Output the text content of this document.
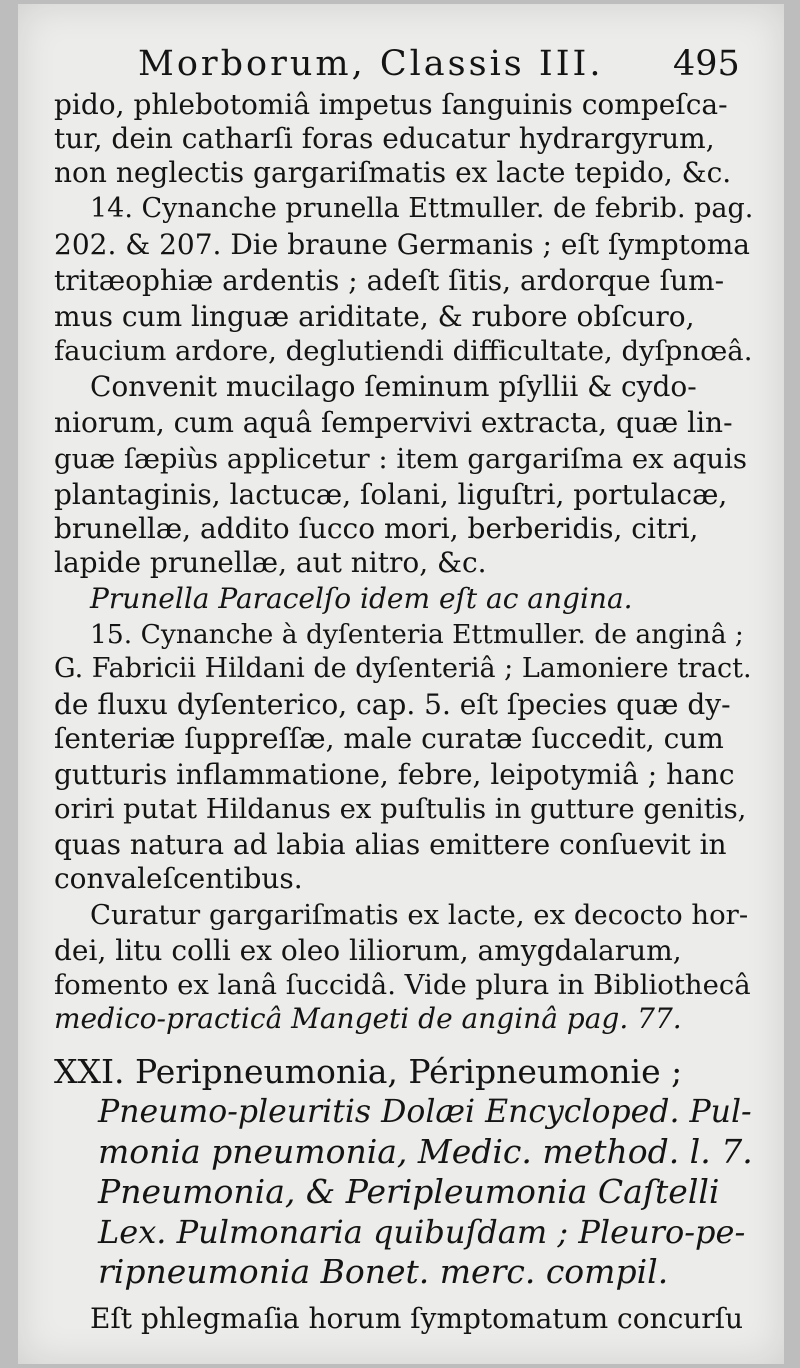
Morborum, Classis III. 495
pido, phlebotomiâ impetus ſanguinis compeſca-
tur, dein catharſi foras educatur hydrargyrum,
non neglectis gargariſmatis ex lacte tepido, &c.
14. Cynanche prunella Ettmuller. de febrib. pag.
202. & 207. Die braune Germanis ; eſt ſymptoma
tritæophiæ ardentis ; adeſt ſitis, ardorque ſum-
mus cum linguæ ariditate, & rubore obſcuro,
faucium ardore, deglutiendi difficultate, dyſpnœâ.
Convenit mucilago ſeminum pſyllii & cydo-
niorum, cum aquâ ſempervivi extracta, quæ lin-
guæ ſæpiùs applicetur : item gargariſma ex aquis
plantaginis, lactucæ, ſolani, liguſtri, portulacæ,
brunellæ, addito ſucco mori, berberidis, citri,
lapide prunellæ, aut nitro, &c.
Prunella Paracelſo idem eſt ac angina.
15. Cynanche à dyſenteria Ettmuller. de anginâ ;
G. Fabricii Hildani de dyſenteriâ ; Lamoniere tract.
de fluxu dyſenterico, cap. 5. eſt ſpecies quæ dy-
ſenteriæ ſuppreſſæ, male curatæ ſuccedit, cum
gutturis inflammatione, febre, leipotymiâ ; hanc
oriri putat Hildanus ex puſtulis in gutture genitis,
quas natura ad labia alias emittere conſuevit in
convaleſcentibus.
Curatur gargariſmatis ex lacte, ex decocto hor-
dei, litu colli ex oleo liliorum, amygdalarum,
fomento ex lanâ ſuccidâ. Vide plura in Bibliothecâ
medico-practicâ Mangeti de anginâ pag. 77.
XXI. Peripneumonia, Péripneumonie ;
Pneumo-pleuritis Dolæi Encycloped. Pul-
monia pneumonia, Medic. method. l. 7.
Pneumonia, & Peripleumonia Caſtelli
Lex. Pulmonaria quibuſdam ; Pleuro-pe-
ripneumonia Bonet. merc. compil.
Eſt phlegmaſia horum ſymptomatum concurſu
